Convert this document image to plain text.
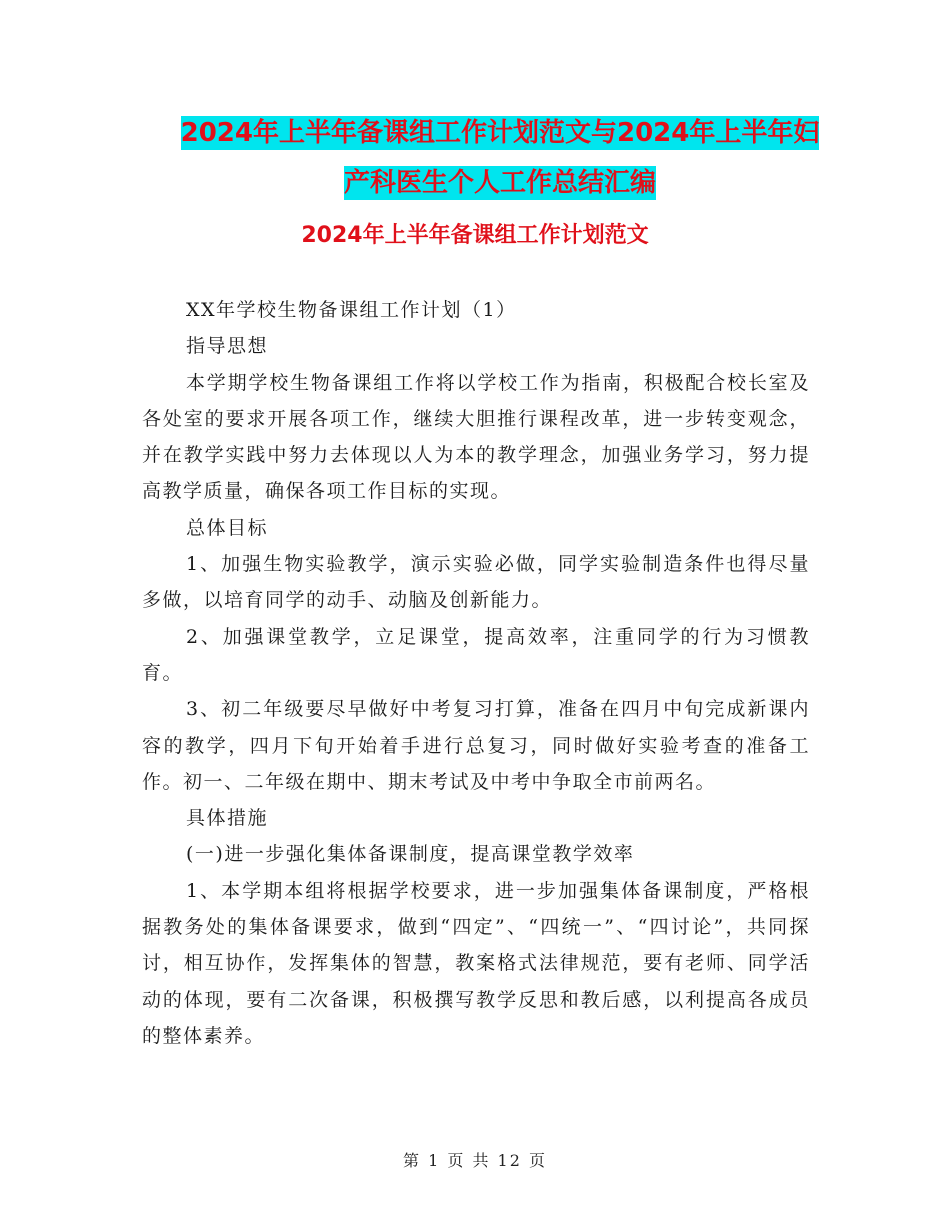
2024年上半年备课组工作计划范文与2024年上半年妇
产科医生个人工作总结汇编
2024年上半年备课组工作计划范文

XX年学校生物备课组工作计划（1）

指导思想

本学期学校生物备课组工作将以学校工作为指南，积极配合校长室及各处室的要求开展各项工作，继续大胆推行课程改革，进一步转变观念，并在教学实践中努力去体现以人为本的教学理念，加强业务学习，努力提高教学质量，确保各项工作目标的实现。

总体目标

1、加强生物实验教学，演示实验必做，同学实验制造条件也得尽量多做，以培育同学的动手、动脑及创新能力。

2、加强课堂教学，立足课堂，提高效率，注重同学的行为习惯教育。

3、初二年级要尽早做好中考复习打算，准备在四月中旬完成新课内容的教学，四月下旬开始着手进行总复习，同时做好实验考查的准备工作。初一、二年级在期中、期末考试及中考中争取全市前两名。

具体措施

(一)进一步强化集体备课制度，提高课堂教学效率

1、本学期本组将根据学校要求，进一步加强集体备课制度，严格根据教务处的集体备课要求，做到“四定”、“四统一”、“四讨论”，共同探讨，相互协作，发挥集体的智慧，教案格式法律规范，要有老师、同学活动的体现，要有二次备课，积极撰写教学反思和教后感，以利提高各成员的整体素养。

第 1 页 共 12 页
